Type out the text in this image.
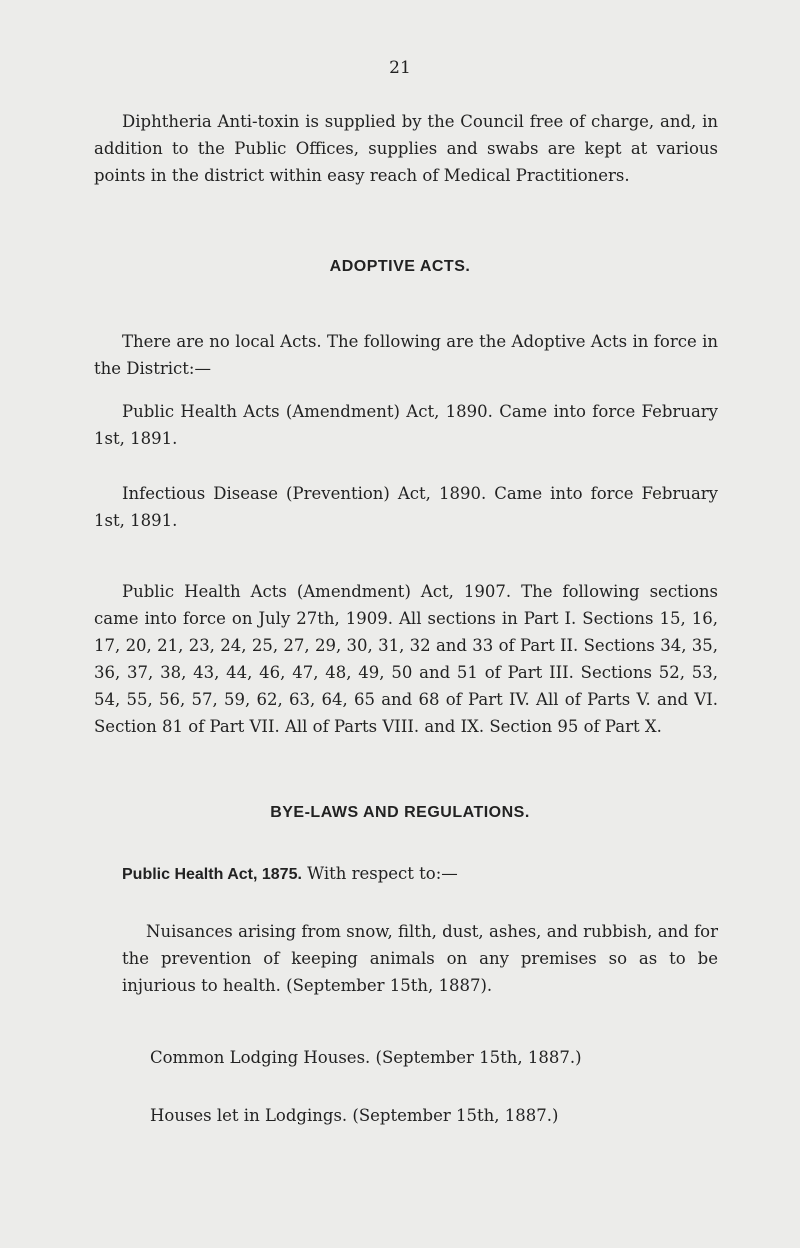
21

Diphtheria Anti-toxin is supplied by the Council free of charge, and, in addition to the Public Offices, supplies and swabs are kept at various points in the district within easy reach of Medical Practitioners.

ADOPTIVE ACTS.

There are no local Acts. The following are the Adoptive Acts in force in the District:—

Public Health Acts (Amendment) Act, 1890. Came into force February 1st, 1891.

Infectious Disease (Prevention) Act, 1890. Came into force February 1st, 1891.

Public Health Acts (Amendment) Act, 1907. The following sections came into force on July 27th, 1909. All sections in Part I. Sections 15, 16, 17, 20, 21, 23, 24, 25, 27, 29, 30, 31, 32 and 33 of Part II. Sections 34, 35, 36, 37, 38, 43, 44, 46, 47, 48, 49, 50 and 51 of Part III. Sections 52, 53, 54, 55, 56, 57, 59, 62, 63, 64, 65 and 68 of Part IV. All of Parts V. and VI. Section 81 of Part VII. All of Parts VIII. and IX. Section 95 of Part X.

BYE-LAWS AND REGULATIONS.

Public Health Act, 1875. With respect to:—

Nuisances arising from snow, filth, dust, ashes, and rubbish, and for the prevention of keeping animals on any premises so as to be injurious to health. (September 15th, 1887).

Common Lodging Houses. (September 15th, 1887.)

Houses let in Lodgings. (September 15th, 1887.)
